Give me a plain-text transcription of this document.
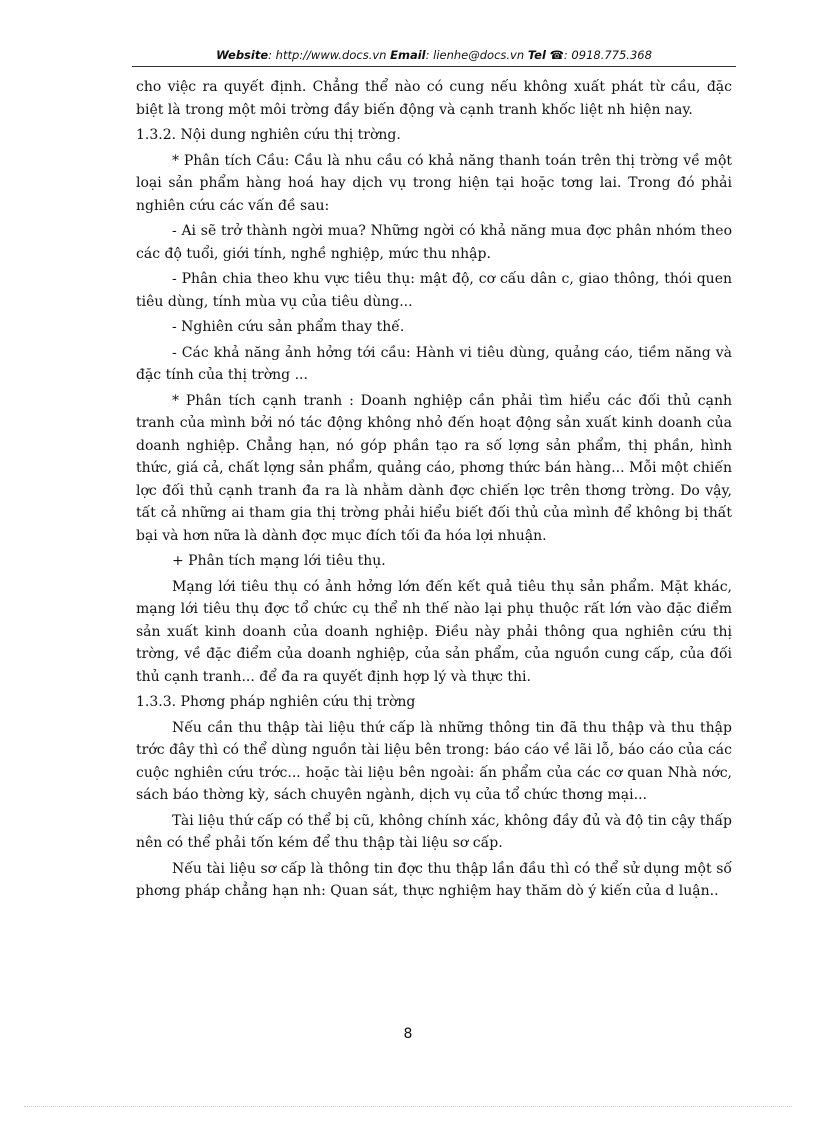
Website: http://www.docs.vn Email: lienhe@docs.vn Tel ☎: 0918.775.368

cho việc ra quyết định. Chẳng thể nào có cung nếu không xuất phát từ cầu, đặc biệt là trong một môi trờng đầy biến động và cạnh tranh khốc liệt nh hiện nay.

1.3.2. Nội dung nghiên cứu thị trờng.

* Phân tích Cầu: Cầu là nhu cầu có khả năng thanh toán trên thị trờng về một loại sản phẩm hàng hoá hay dịch vụ trong hiện tại hoặc tơng lai. Trong đó phải nghiên cứu các vấn đề sau:

- Ai sẽ trở thành ngời mua? Những ngời có khả năng mua đợc phân nhóm theo các độ tuổi, giới tính, nghề nghiệp, mức thu nhập.

- Phân chia theo khu vực tiêu thụ: mật độ, cơ cấu dân c, giao thông, thói quen tiêu dùng, tính mùa vụ của tiêu dùng...

- Nghiên cứu sản phẩm thay thế.

- Các khả năng ảnh hởng tới cầu: Hành vi tiêu dùng, quảng cáo, tiềm năng và đặc tính của thị trờng ...

* Phân tích cạnh tranh : Doanh nghiệp cần phải tìm hiểu các đối thủ cạnh tranh của mình bởi nó tác động không nhỏ đến hoạt động sản xuất kinh doanh của doanh nghiệp. Chẳng hạn, nó góp phần tạo ra số lợng sản phẩm, thị phần, hình thức, giá cả, chất lợng sản phẩm, quảng cáo, phơng thức bán hàng... Mỗi một chiến lợc đối thủ cạnh tranh đa ra là nhằm dành đợc chiến lợc trên thơng trờng. Do vậy, tất cả những ai tham gia thị trờng phải hiểu biết đối thủ của mình để không bị thất bại và hơn nữa là dành đợc mục đích tối đa hóa lợi nhuận.

+ Phân tích mạng lới tiêu thụ.

Mạng lới tiêu thụ có ảnh hởng lớn đến kết quả tiêu thụ sản phẩm. Mặt khác, mạng lới tiêu thụ đợc tổ chức cụ thể nh thế nào lại phụ thuộc rất lớn vào đặc điểm sản xuất kinh doanh của doanh nghiệp. Điều này phải thông qua nghiên cứu thị trờng, về đặc điểm của doanh nghiệp, của sản phẩm, của nguồn cung cấp, của đối thủ cạnh tranh... để đa ra quyết định hợp lý và thực thi.

1.3.3. Phơng pháp nghiên cứu thị trờng

Nếu cần thu thập tài liệu thứ cấp là những thông tin đã thu thập và thu thập trớc đây thì có thể dùng nguồn tài liệu bên trong: báo cáo về lãi lỗ, báo cáo của các cuộc nghiên cứu trớc... hoặc tài liệu bên ngoài: ấn phẩm của các cơ quan Nhà nớc, sách báo thờng kỳ, sách chuyên ngành, dịch vụ của tổ chức thơng mại...

Tài liệu thứ cấp có thể bị cũ, không chính xác, không đầy đủ và độ tin cậy thấp nên có thể phải tốn kém để thu thập tài liệu sơ cấp.

Nếu tài liệu sơ cấp là thông tin đợc thu thập lần đầu thì có thể sử dụng một số phơng pháp chẳng hạn nh: Quan sát, thực nghiệm hay thăm dò ý kiến của d luận..

8
